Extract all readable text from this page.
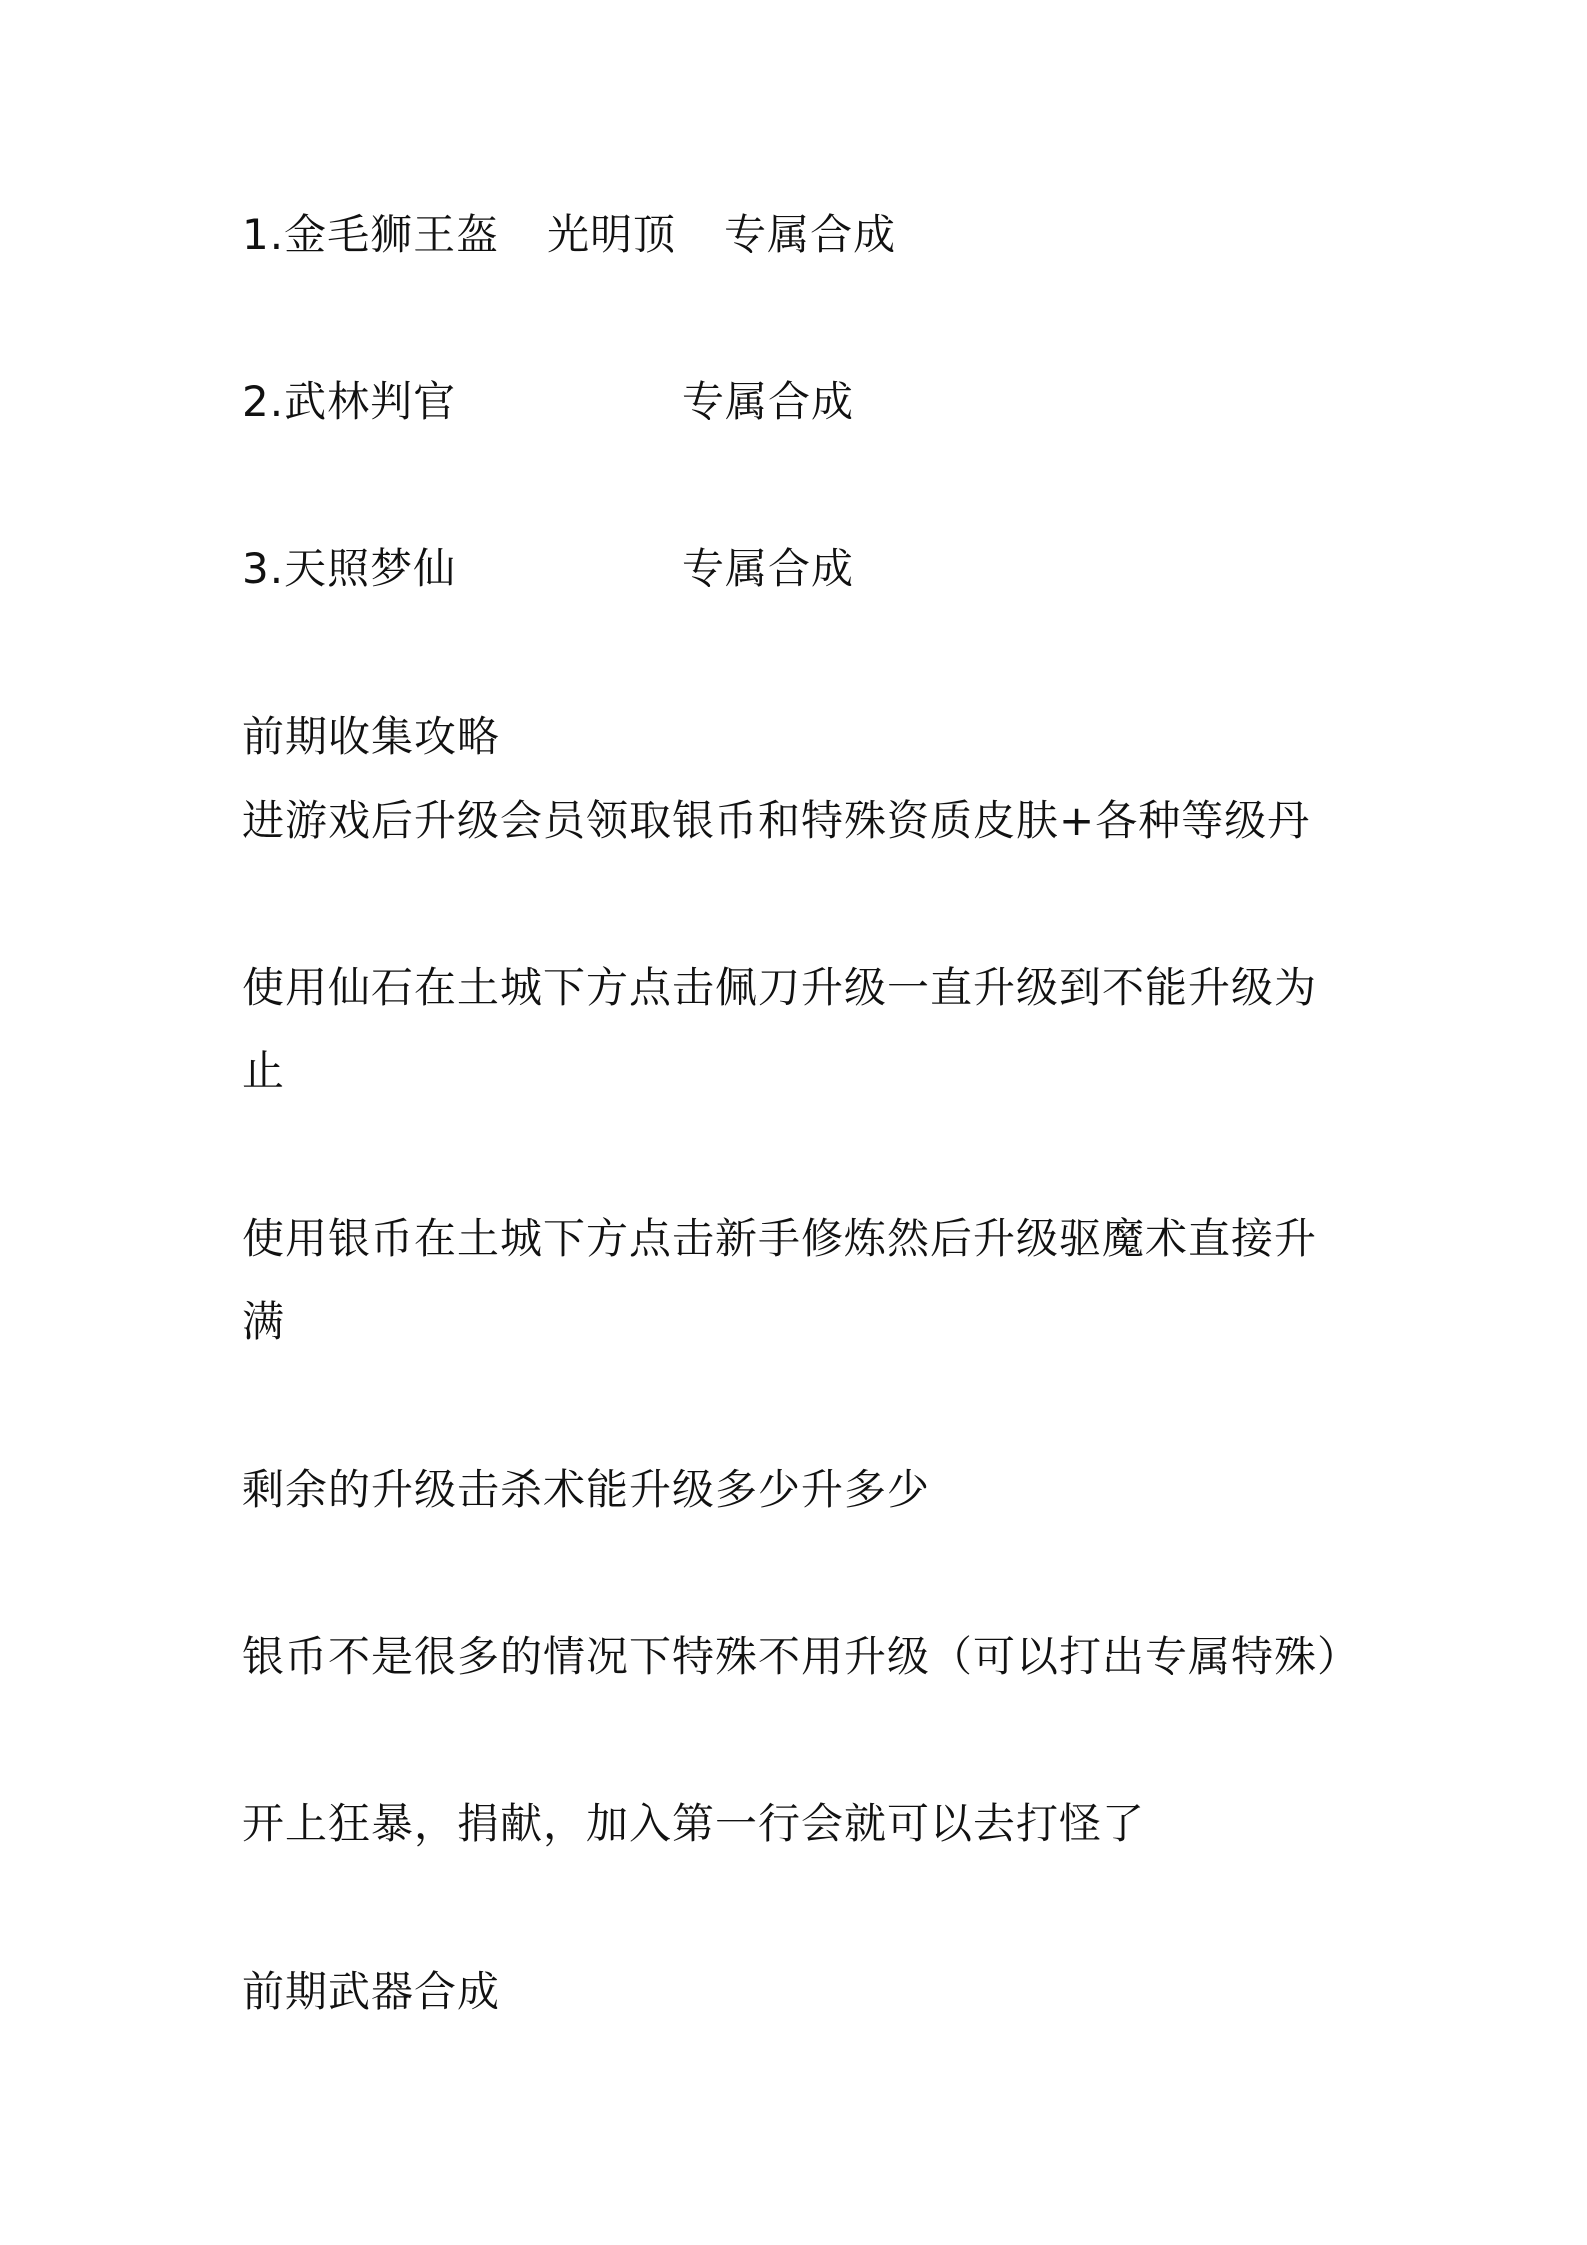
1.金毛狮王盔 光明顶 专属合成
2.武林判官	专属合成
3.天照梦仙	专属合成
前期收集攻略
进游戏后升级会员领取银币和特殊资质皮肤+各种等级丹
使用仙石在土城下方点击佩刀升级一直升级到不能升级为
止
使用银币在土城下方点击新手修炼然后升级驱魔术直接升
满
剩余的升级击杀术能升级多少升多少
银币不是很多的情况下特殊不用升级（可以打出专属特殊）
开上狂暴，捐献，加入第一行会就可以去打怪了
前期武器合成
